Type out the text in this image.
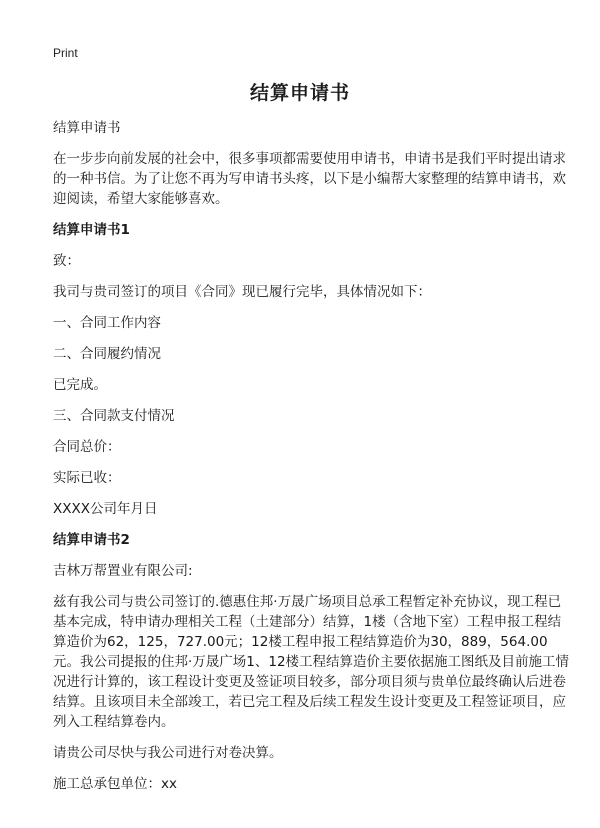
Print
结算申请书

结算申请书

在一步步向前发展的社会中，很多事项都需要使用申请书，申请书是我们平时提出请求的一种书信。为了让您不再为写申请书头疼，以下是小编帮大家整理的结算申请书，欢迎阅读，希望大家能够喜欢。

结算申请书1

致：

我司与贵司签订的项目《合同》现已履行完毕，具体情况如下：

一、合同工作内容

二、合同履约情况

已完成。

三、合同款支付情况

合同总价：

实际已收：

XXXX公司年月日

结算申请书2

吉林万帮置业有限公司:

兹有我公司与贵公司签订的.德惠住邦·万晟广场项目总承工程暂定补充协议，现工程已基本完成，特申请办理相关工程（土建部分）结算，1楼（含地下室）工程申报工程结算造价为62，125，727.00元；12楼工程申报工程结算造价为30，889，564.00元。我公司提报的住邦·万晟广场1、12楼工程结算造价主要依据施工图纸及目前施工情况进行计算的，该工程设计变更及签证项目较多，部分项目须与贵单位最终确认后进卷结算。且该项目未全部竣工，若已完工程及后续工程发生设计变更及工程签证项目，应列入工程结算卷内。

请贵公司尽快与我公司进行对卷决算。

施工总承包单位：xx
